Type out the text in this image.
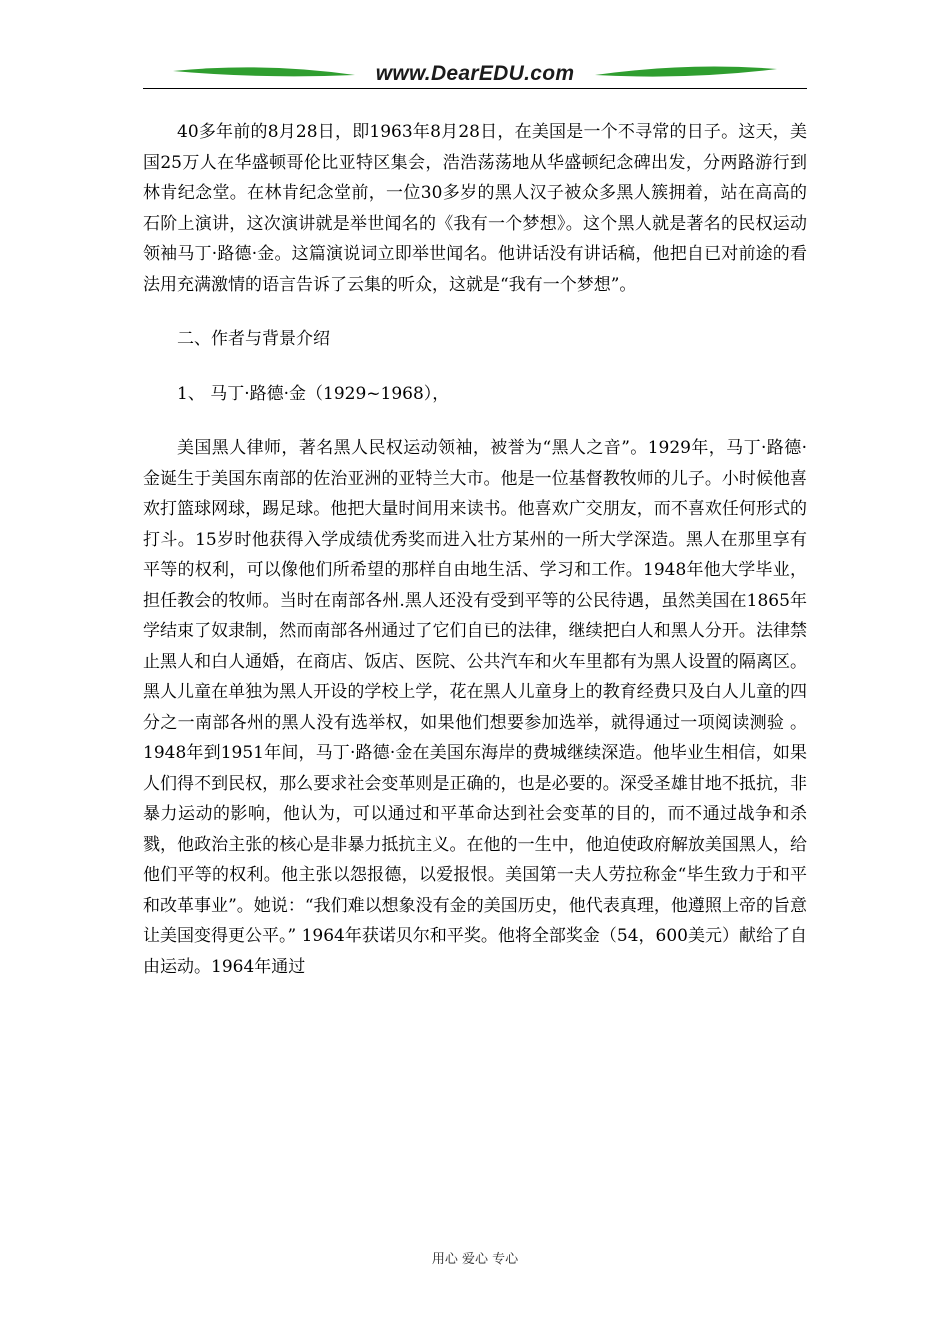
www.DearEDU.com

40多年前的8月28日，即1963年8月28日，在美国是一个不寻常的日子。这天，美国25万人在华盛顿哥伦比亚特区集会，浩浩荡荡地从华盛顿纪念碑出发，分两路游行到林肯纪念堂。在林肯纪念堂前，一位30多岁的黑人汉子被众多黑人簇拥着，站在高高的石阶上演讲，这次演讲就是举世闻名的《我有一个梦想》。这个黑人就是著名的民权运动领袖马丁·路德·金。这篇演说词立即举世闻名。他讲话没有讲话稿，他把自已对前途的看法用充满激情的语言告诉了云集的听众，这就是“我有一个梦想”。

二、作者与背景介绍

1、 马丁·路德·金（1929~1968），

美国黑人律师，著名黑人民权运动领袖，被誉为“黑人之音”。1929年，马丁·路德·金诞生于美国东南部的佐治亚洲的亚特兰大市。他是一位基督教牧师的儿子。小时候他喜欢打篮球网球，踢足球。他把大量时间用来读书。他喜欢广交朋友，而不喜欢任何形式的打斗。15岁时他获得入学成绩优秀奖而进入壮方某州的一所大学深造。黑人在那里享有平等的权利，可以像他们所希望的那样自由地生活、学习和工作。1948年他大学毕业，担任教会的牧师。当时在南部各州.黑人还没有受到平等的公民待遇，虽然美国在1865年学结束了奴隶制，然而南部各州通过了它们自已的法律，继续把白人和黑人分开。法律禁止黑人和白人通婚，在商店、饭店、医院、公共汽车和火车里都有为黑人设置的隔离区。黑人儿童在单独为黑人开设的学校上学，花在黑人儿童身上的教育经费只及白人儿童的四分之一南部各州的黑人没有选举权，如果他们想要参加选举，就得通过一项阅读测验 。1948年到1951年间，马丁·路德·金在美国东海岸的费城继续深造。他毕业生相信，如果人们得不到民权，那么要求社会变革则是正确的，也是必要的。深受圣雄甘地不抵抗，非暴力运动的影响，他认为，可以通过和平革命达到社会变革的目的，而不通过战争和杀戮，他政治主张的核心是非暴力抵抗主义。在他的一生中，他迫使政府解放美国黑人，给他们平等的权利。他主张以怨报德，以爱报恨。美国第一夫人劳拉称金“毕生致力于和平和改革事业”。她说：“我们难以想象没有金的美国历史，他代表真理，他遵照上帝的旨意让美国变得更公平。” 1964年获诺贝尔和平奖。他将全部奖金（54，600美元）献给了自由运动。1964年通过

用心 爱心 专心
